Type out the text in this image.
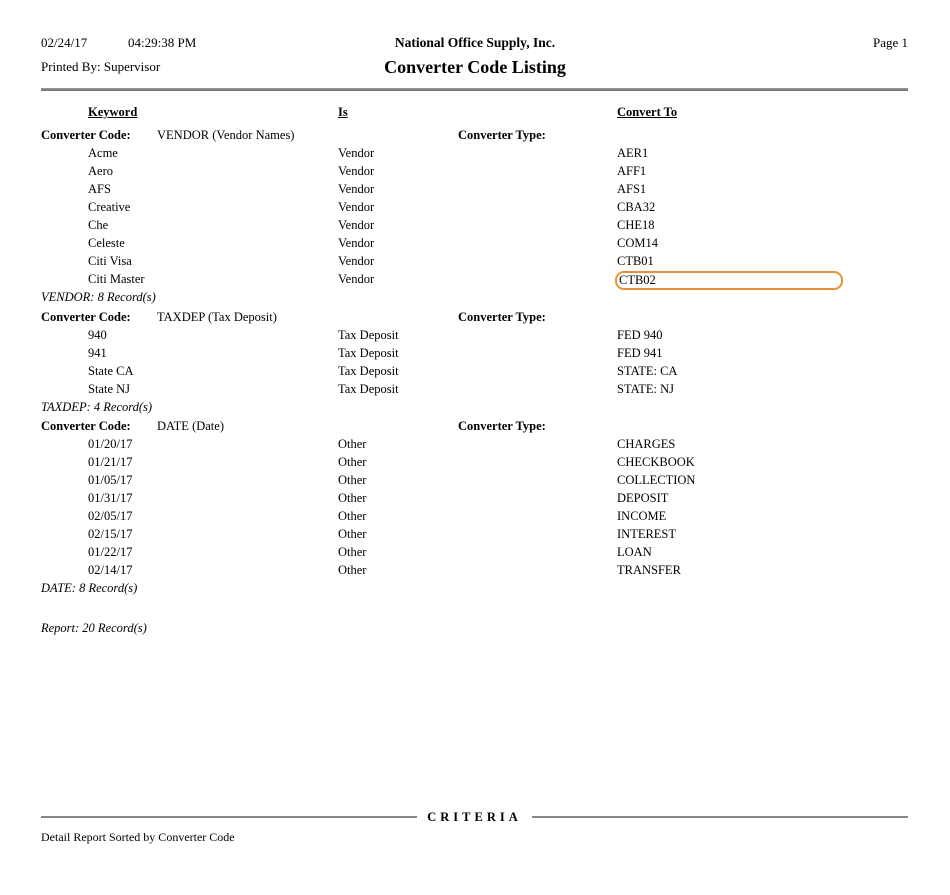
02/24/17	04:29:38 PM
Printed By: Supervisor
National Office Supply, Inc.
Converter Code Listing
Page 1
Keyword	Is	Convert To
Converter Code: VENDOR (Vendor Names)	Converter Type:
Acme	Vendor	AER1
Aero	Vendor	AFF1
AFS	Vendor	AFS1
Creative	Vendor	CBA32
Che	Vendor	CHE18
Celeste	Vendor	COM14
Citi Visa	Vendor	CTB01
Citi Master	Vendor	CTB02
VENDOR: 8 Record(s)
Converter Code: TAXDEP (Tax Deposit)	Converter Type:
940	Tax Deposit	FED 940
941	Tax Deposit	FED 941
State CA	Tax Deposit	STATE: CA
State NJ	Tax Deposit	STATE: NJ
TAXDEP: 4 Record(s)
Converter Code: DATE (Date)	Converter Type:
01/20/17	Other	CHARGES
01/21/17	Other	CHECKBOOK
01/05/17	Other	COLLECTION
01/31/17	Other	DEPOSIT
02/05/17	Other	INCOME
02/15/17	Other	INTEREST
01/22/17	Other	LOAN
02/14/17	Other	TRANSFER
DATE: 8 Record(s)
Report: 20 Record(s)
CRITERIA
Detail Report Sorted by Converter Code
